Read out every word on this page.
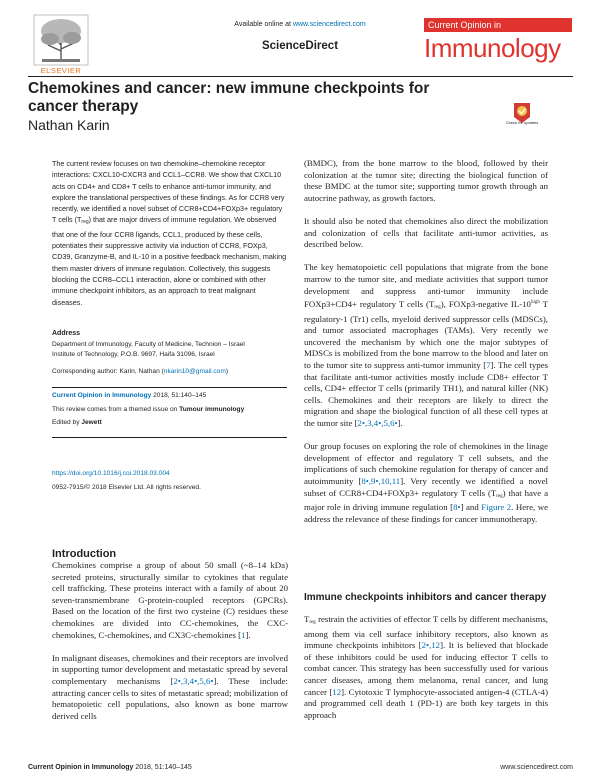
ELSEVIER
Available online at www.sciencedirect.com
ScienceDirect
Current Opinion in
Immunology
Chemokines and cancer: new immune checkpoints for cancer therapy
Nathan Karin	Check for updates
The current review focuses on two chemokine–chemokine receptor interactions: CXCL10-CXCR3 and CCL1–CCR8. We show that CXCL10 acts on CD4+ and CD8+ T cells to enhance anti-tumor immunity, and explore the translational perspectives of these findings. As for CCR8 very recently, we identified a novel subset of CCR8+CD4+FOXp3+ regulatory T cells $(T_{reg})$ that are major drivers of immune regulation. We observed that one of the four CCR8 ligands, CCL1, produced by these cells, potentiates their suppressive activity via induction of CCR8, FOXp3, CD39, Granzyme-B, and IL-10 in a positive feedback mechanism, making them master drivers of immune regulation. Collectively, this suggests blocking the CCR8–CCL1 interaction, alone or combined with other immune checkpoint inhibitors, as an approach to treat malignant diseases.
Address
Department of Immunology, Faculty of Medicine, Technion – Israel
Institute of Technology, P.O.B. 9697, Haifa 31096, Israel
Corresponding author: Karin, Nathan (nkarin10@gmail.com)
Current Opinion in Immunology 2018, 51:140–145
This review comes from a themed issue on Tumour immunology
Edited by Jewett
https://doi.org/10.1016/j.coi.2018.03.004
0952-7915/© 2018 Elsevier Ltd. All rights reserved.
Introduction

Chemokines comprise a group of about 50 small (~8–14 kDa) secreted proteins, structurally similar to cytokines that regulate cell trafficking. These proteins interact with a family of about 20 seven-transmembrane G-protein-coupled receptors (GPCRs). Based on the location of the first two cysteine (C) residues these chemokines are divided into CC-chemokines, the CXC-chemokines, C-chemokines, and CX3C-chemokines [1].

In malignant diseases, chemokines and their receptors are involved in supporting tumor development and metastatic spread by several complementary mechanisms [2•,3,4•,5,6•]. These include: attracting cancer cells to sites of metastatic spread; mobilization of hematopoietic cell populations, also known as bone marrow derived cells

(BMDC), from the bone marrow to the blood, followed by their colonization at the tumor site; directing the biological function of these BMDC at the tumor site; supporting tumor growth through an autocrine pathway, as growth factors.

It should also be noted that chemokines also direct the mobilization and colonization of cells that facilitate anti-tumor activities, as described below.

The key hematopoietic cell populations that migrate from the bone marrow to the tumor site, and mediate activities that support tumor development and suppress anti-tumor immunity include FOXp3+CD4+ regulatory T cells $(T_{reg})$, FOXp3-negative $IL-10^{high}$ T regulatory-1 (Tr1) cells, myeloid derived suppressor cells (MDSCs), and tumor associated macrophages (TAMs). Very recently we uncovered the mechanism by which one the major subtypes of MDSCs is mobilized from the bone marrow to the blood and later on to the tumor site to suppress anti-tumor immunity [7]. The cell types that facilitate anti-tumor activities mostly include CD8+ effector T cells, CD4+ effector T cells (primarily TH1), and natural killer (NK) cells. Chemokines and their receptors are likely to direct the migration and shape the biological function of all these cell types at the tumor site [2•,3,4•,5,6•].

Our group focuses on exploring the role of chemokines in the linage development of effector and regulatory T cell subsets, and the implications of such chemokine regulation for therapy of cancer and autoimmunity [8•,9•,10,11]. Very recently we identified a novel subset of CCR8+CD4+FOXp3+ regulatory T cells $(T_{reg})$ that have a major role in driving immune regulation [8•] and Figure 2. Here, we address the relevance of these findings for cancer immunotherapy.

Immune checkpoints inhibitors and cancer therapy

$T_{reg}$ restrain the activities of effector T cells by different mechanisms, among them via cell surface inhibitory receptors, also known as immune checkpoints inhibitors [2•,12]. It is believed that blockade of these inhibitors could be used for inducing effector T cells to combat cancer. This strategy has been successfully used for various cancer diseases, among them melanoma, renal cancer, and lung cancer [12]. Cytotoxic T lymphocyte-associated antigen-4 (CTLA-4) and programmed cell death 1 (PD-1) are both key targets in this approach

Current Opinion in Immunology 2018, 51:140–145	www.sciencedirect.com
